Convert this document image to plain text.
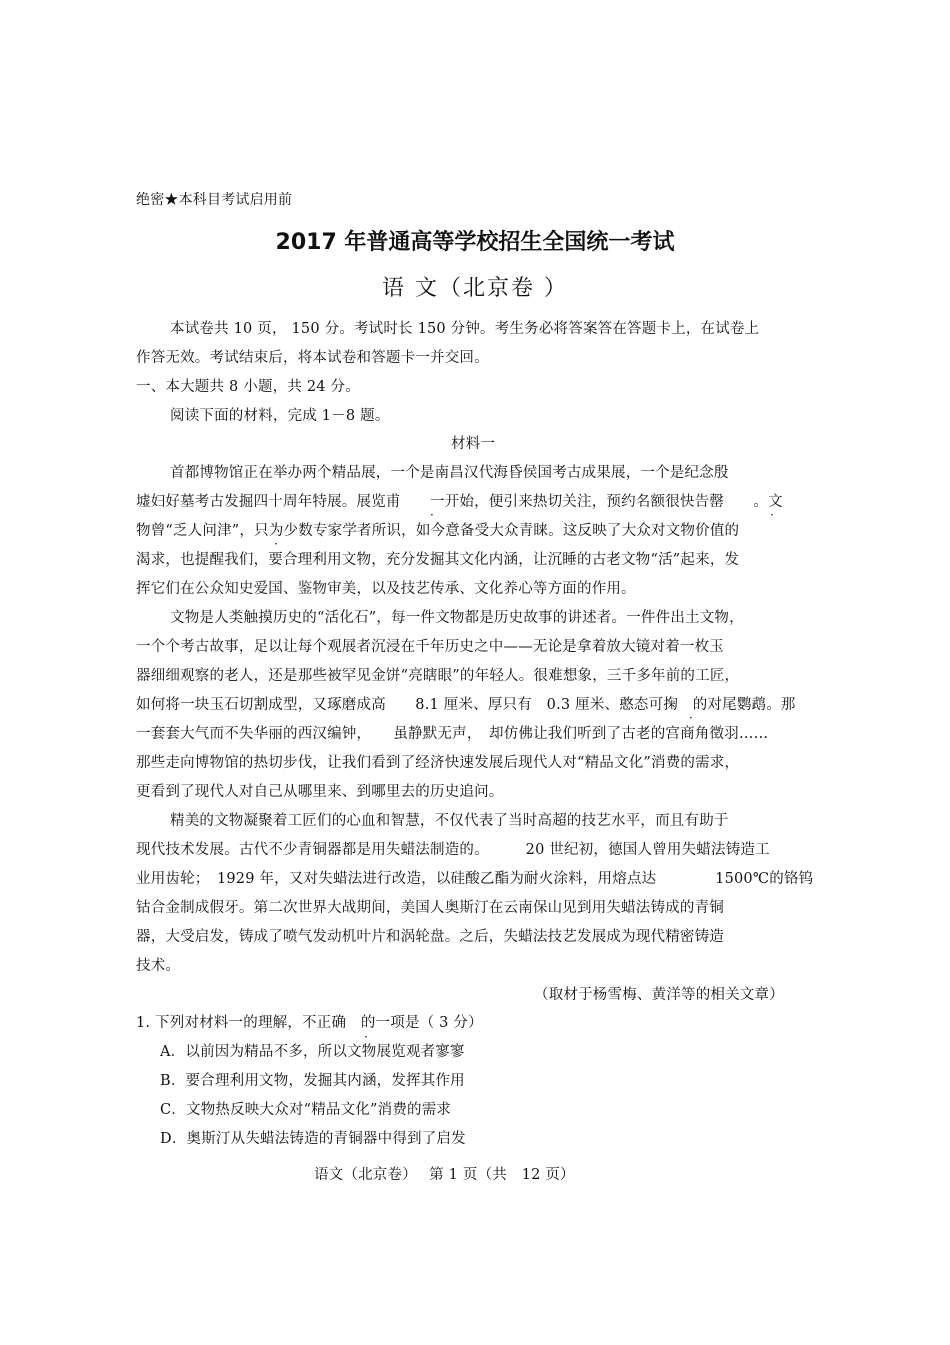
绝密★本科目考试启用前
2017 年普通高等学校招生全国统一考试
语 文（北京卷 ）
本试卷共 10 页， 150 分。考试时长 150 分钟。考生务必将答案答在答题卡上，在试卷上
作答无效。考试结束后，将本试卷和答题卡一并交回。
一、本大题共 8 小题，共 24 分。
阅读下面的材料，完成 1－8 题。
材料一
首都博物馆正在举办两个精品展，一个是南昌汉代海昏侯国考古成果展，一个是纪念殷
墟妇好墓考古发掘四十周年特展。展览甫　　一开始，便引来热切关注，预约名额很快告罄　　。文
物曾“乏人问津”，只为少数专家学者所识，如今意备受大众青睐。这反映了大众对文物价值的
渴求，也提醒我们，要合理利用文物，充分发掘其文化内涵，让沉睡的古老文物“活”起来，发
挥它们在公众知史爱国、鉴物审美，以及技艺传承、文化养心等方面的作用。
文物是人类触摸历史的“活化石”，每一件文物都是历史故事的讲述者。一件件出土文物，
一个个考古故事，足以让每个观展者沉浸在千年历史之中——无论是拿着放大镜对着一枚玉
器细细观察的老人，还是那些被罕见金饼“亮瞎眼”的年轻人。很难想象，三千多年前的工匠，
如何将一块玉石切割成型，又琢磨成高　　8.1 厘米、厚只有　0.3 厘米、憨态可掬　的对尾鹦鹉。那
一套套大气而不失华丽的西汉编钟，　　虽静默无声，　却仿佛让我们听到了古老的宫商角徵羽……
那些走向博物馆的热切步伐，让我们看到了经济快速发展后现代人对“精品文化”消费的需求，
更看到了现代人对自己从哪里来、到哪里去的历史追问。
精美的文物凝聚着工匠们的心血和智慧，不仅代表了当时高超的技艺水平，而且有助于
现代技术发展。古代不少青铜器都是用失蜡法制造的。　　　20 世纪初，德国人曾用失蜡法铸造工
业用齿轮；　1929 年，又对失蜡法进行改造，以硅酸乙酯为耐火涂料，用熔点达　　　　1500℃的铬钨
钴合金制成假牙。第二次世界大战期间，美国人奥斯汀在云南保山见到用失蜡法铸成的青铜
器，大受启发，铸成了喷气发动机叶片和涡轮盘。之后，失蜡法技艺发展成为现代精密铸造
技术。
（取材于杨雪梅、黄洋等的相关文章）
1. 下列对材料一的理解，不正确　的一项是（ 3 分）
A．以前因为精品不多，所以文物展览观者寥寥
B．要合理利用文物，发掘其内涵，发挥其作用
C．文物热反映大众对“精品文化”消费的需求
D．奥斯汀从失蜡法铸造的青铜器中得到了启发
·	·
·
·
·
语文（北京卷）　 第 1 页（共　12 页）
